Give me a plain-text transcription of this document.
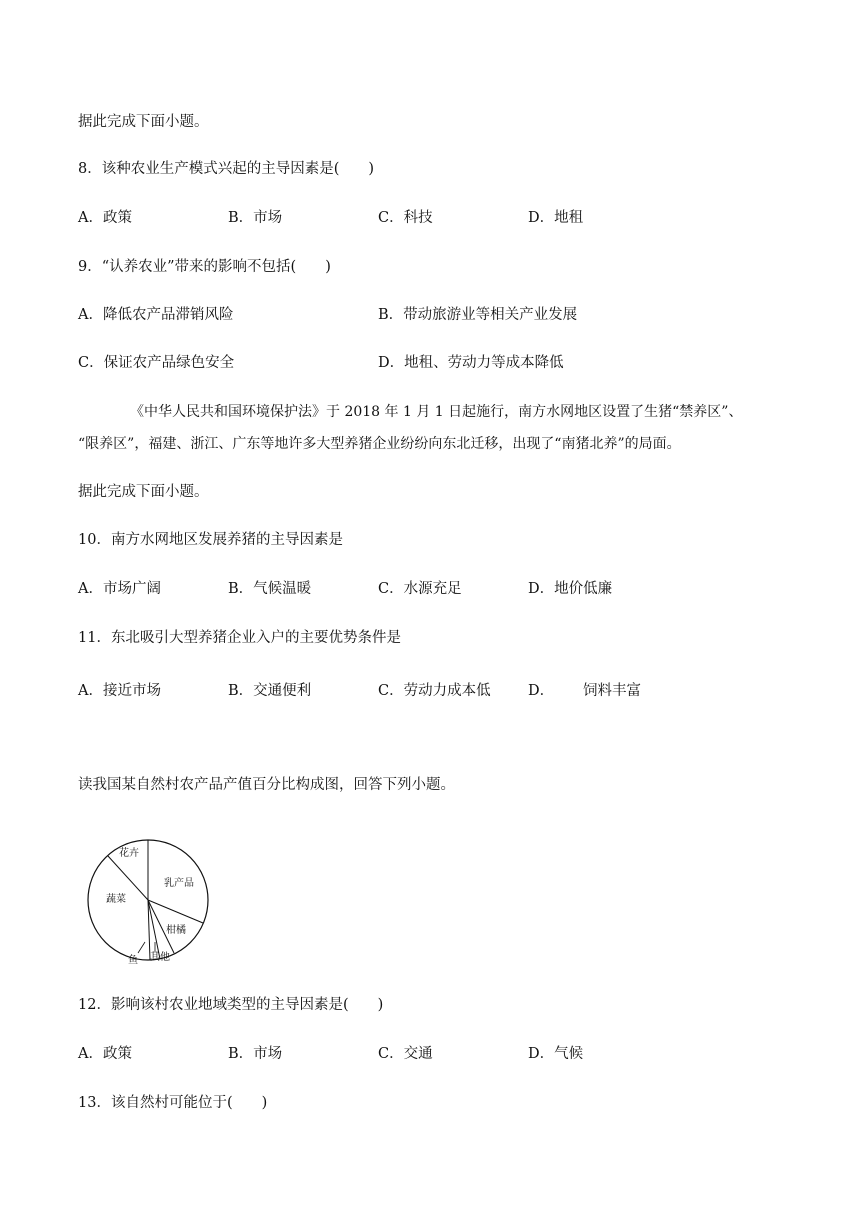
据此完成下面小题。
8．该种农业生产模式兴起的主导因素是(　　)
A．政策	B．市场	C．科技	D．地租
9．“认养农业”带来的影响不包括(　　)
A．降低农产品滞销风险	B．带动旅游业等相关产业发展
C．保证农产品绿色安全	D．地租、劳动力等成本降低
《中华人民共和国环境保护法》于 2018 年 1 月 1 日起施行，南方水网地区设置了生猪“禁养区”、
“限养区”，福建、浙江、广东等地许多大型养猪企业纷纷向东北迁移，出现了“南猪北养”的局面。
据此完成下面小题。
10．南方水网地区发展养猪的主导因素是
A．市场广阔	B．气候温暖	C．水源充足	D．地价低廉
11．东北吸引大型养猪企业入户的主要优势条件是
A．接近市场	B．交通便利	C．劳动力成本低	D． 饲料丰富
读我国某自然村农产品产值百分比构成图，回答下列小题。
花卉
乳产品
柑橘
其他
鱼
蔬菜
12．影响该村农业地域类型的主导因素是(　　)
A．政策	B．市场	C．交通	D．气候
13．该自然村可能位于(　　)
